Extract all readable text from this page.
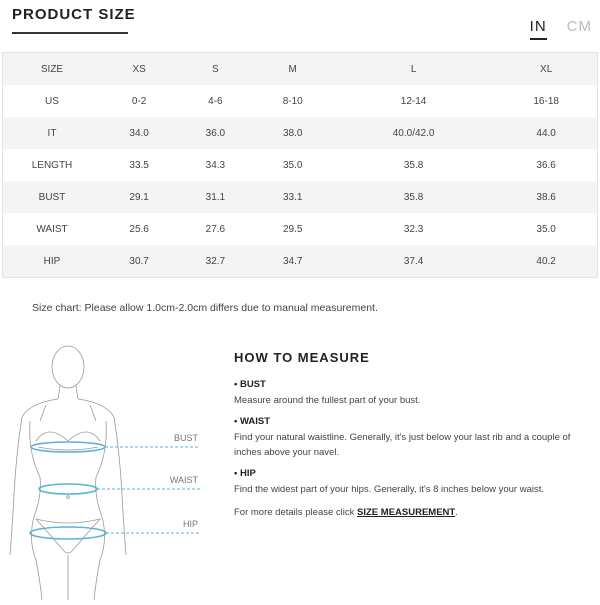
PRODUCT SIZE
IN CM
SIZE	XS	S	M	L	XL
US	0-2	4-6	8-10	12-14	16-18
IT	34.0	36.0	38.0	40.0/42.0	44.0
LENGTH	33.5	34.3	35.0	35.8	36.6
BUST	29.1	31.1	33.1	35.8	38.6
WAIST	25.6	27.6	29.5	32.3	35.0
HIP	30.7	32.7	34.7	37.4	40.2
Size chart: Please allow 1.0cm-2.0cm differs due to manual measurement.
BUST
WAIST
HIP
HOW TO MEASURE
• BUST
Measure around the fullest part of your bust.
• WAIST
Find your natural waistline. Generally, it's just below your last rib and a couple of inches above your navel.
• HIP
Find the widest part of your hips. Generally, it's 8 inches below your waist.
For more details please click SIZE MEASUREMENT.
